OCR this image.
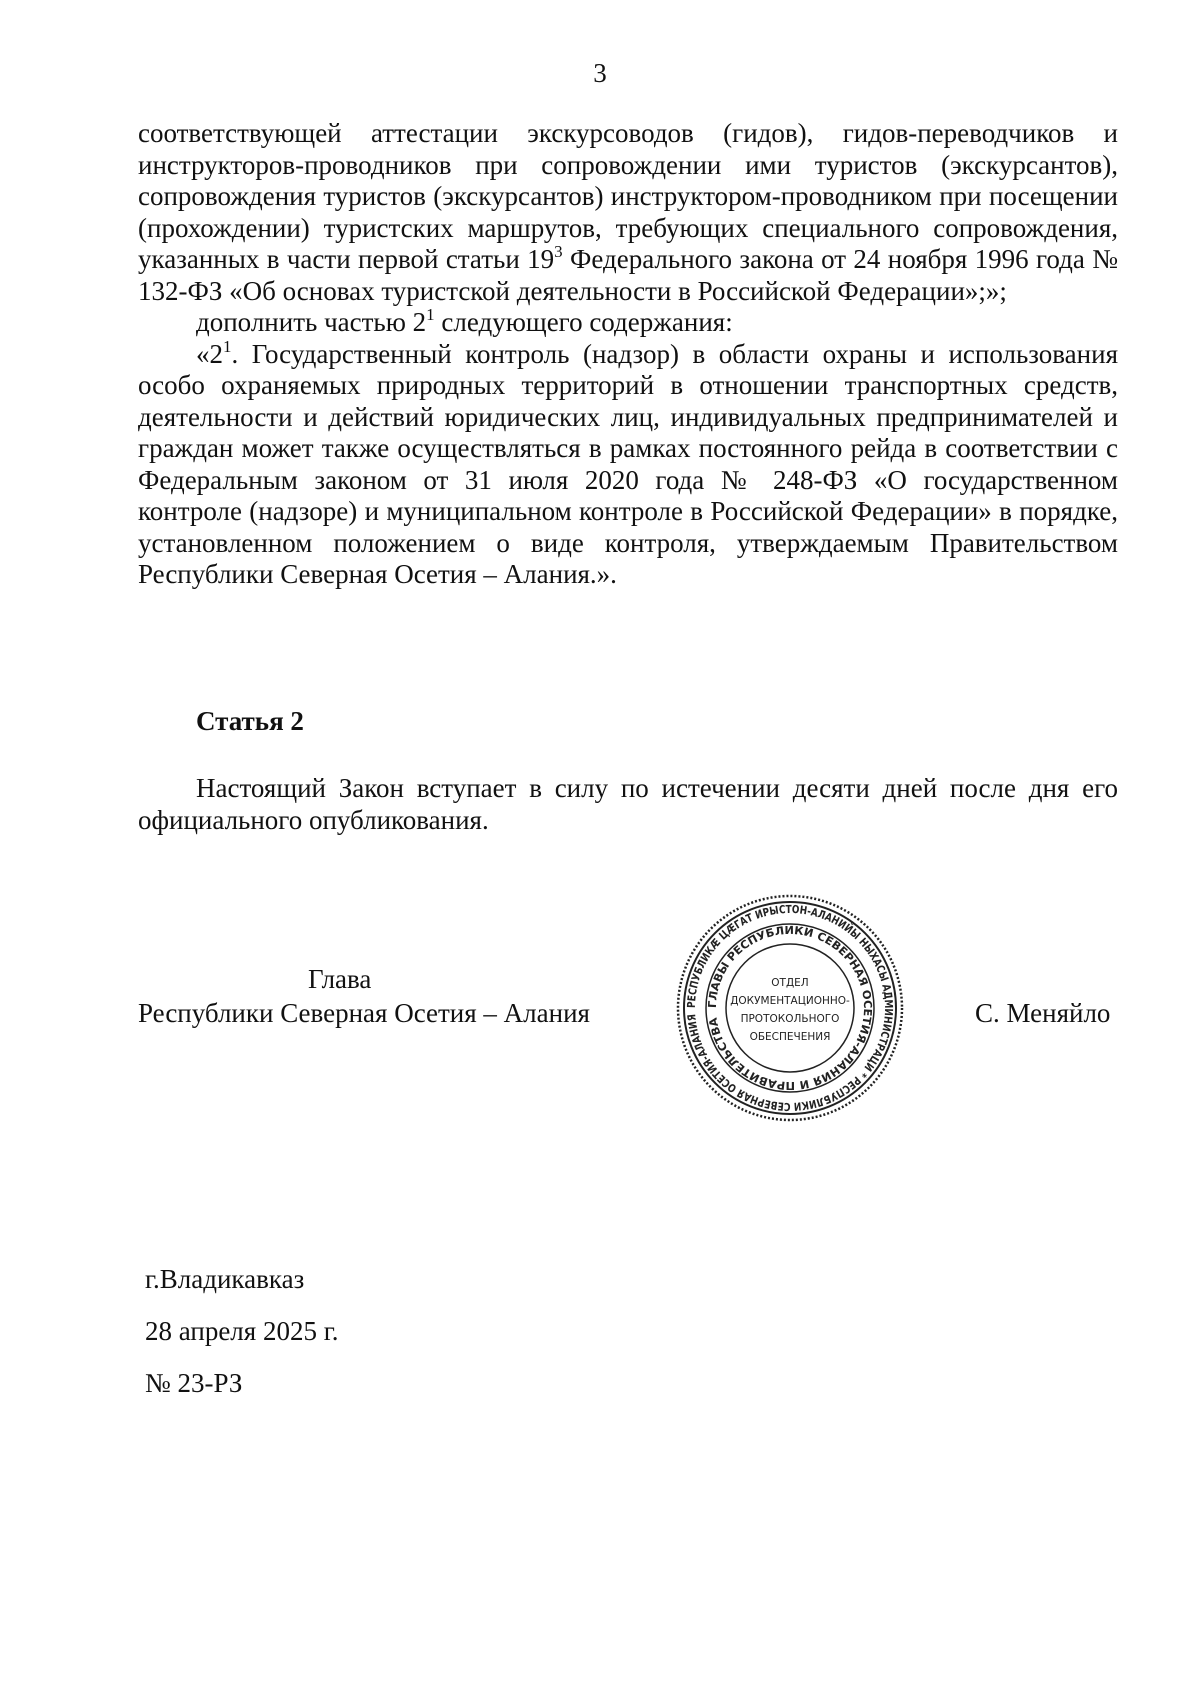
3

соответствующей аттестации экскурсоводов (гидов), гидов-переводчиков и инструкторов-проводников при сопровождении ими туристов (экскурсантов), сопровождения туристов (экскурсантов) инструктором-проводником при посещении (прохождении) туристских маршрутов, требующих специального сопровождения, указанных в части первой статьи $19^3$ Федерального закона от 24 ноября 1996 года № 132-ФЗ «Об основах туристской деятельности в Российской Федерации»;»;

дополнить частью $2^1$ следующего содержания:

«$2^1$. Государственный контроль (надзор) в области охраны и использования особо охраняемых природных территорий в отношении транспортных средств, деятельности и действий юридических лиц, индивидуальных предпринимателей и граждан может также осуществляться в рамках постоянного рейда в соответствии с Федеральным законом от 31 июля 2020 года № 248-ФЗ «О государственном контроле (надзоре) и муниципальном контроле в Российской Федерации» в порядке, установленном положением о виде контроля, утверждаемым Правительством Республики Северная Осетия – Алания.».

Статья 2

Настоящий Закон вступает в силу по истечении десяти дней после дня его официального опубликования.

Глава
Республики Северная Осетия – Алания	С. Меняйло
РЕСПУБЛИКÆ ЦÆГАТ ИРЫСТОН-АЛАНИЙЫ НЫХАСЫ АДМИНИСТРАЦИ * РЕСПУБЛИКИ СЕВЕРНАЯ ОСЕТИЯ-АЛАНИЯ
ГЛАВЫ РЕСПУБЛИКИ СЕВЕРНАЯ ОСЕТИЯ-АЛАНИЯ И ПРАВИТЕЛЬСТВА
ОТДЕЛ
ДОКУМЕНТАЦИОННО-
ПРОТОКОЛЬНОГО
ОБЕСПЕЧЕНИЯ
г.Владикавказ
28 апреля 2025 г.
№ 23-РЗ
